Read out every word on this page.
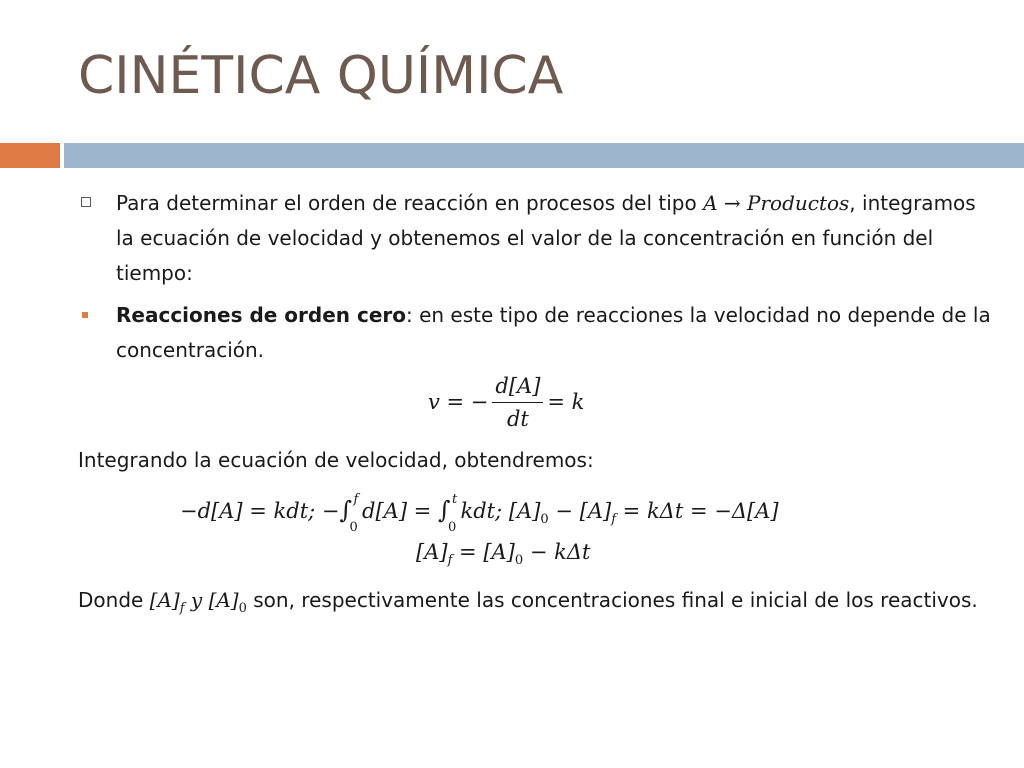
CINÉTICA QUÍMICA
Para determinar el orden de reacción en procesos del tipo A → Productos, integramos la ecuación de velocidad y obtenemos el valor de la concentración en función del tiempo:
Reacciones de orden cero: en este tipo de reacciones la velocidad no depende de la concentración.
v = − $\frac{d[A]}{dt} = k$
Integrando la ecuación de velocidad, obtendremos:
−d[A] = kdt; −∫ f
0
d[A] = ∫ t
0
kdt; $[A]_0 - [A]_f = k\Delta t = -\Delta[A]$
$[A]_f = [A]_0 - k\Delta t$
Donde $[A]_f$ y $[A]_0$ son, respectivamente las concentraciones final e inicial de los reactivos.
